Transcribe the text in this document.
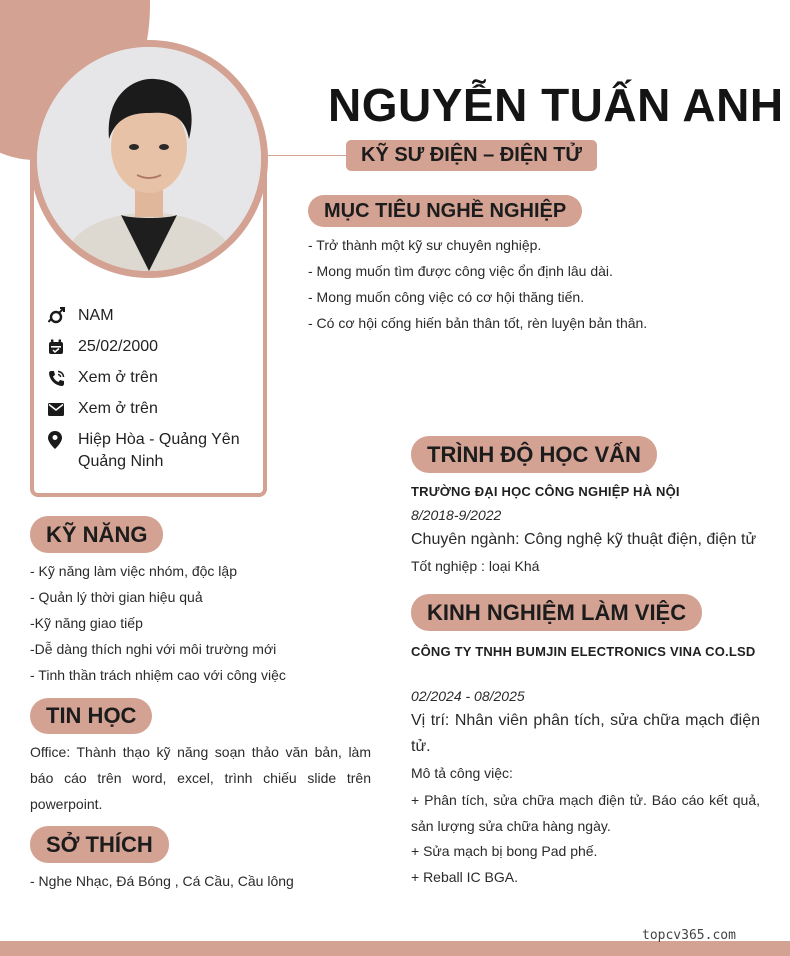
NAM
25/02/2000
Xem ở trên
Xem ở trên
Hiệp Hòa - Quảng Yên
Quảng Ninh
NGUYỄN TUẤN ANH
KỸ SƯ ĐIỆN – ĐIỆN TỬ
MỤC TIÊU NGHỀ NGHIỆP
- Trở thành một kỹ sư chuyên nghiệp.
- Mong muốn tìm được công việc ổn định lâu dài.
- Mong muốn công việc có cơ hội thăng tiến.
- Có cơ hội cống hiến bản thân tốt, rèn luyện bản thân.
KỸ NĂNG
- Kỹ năng làm việc nhóm, độc lập
- Quản lý thời gian hiệu quả
-Kỹ năng giao tiếp
-Dễ dàng thích nghi với môi trường mới
- Tinh thần trách nhiệm cao với công việc
TIN HỌC
Office: Thành thạo kỹ năng soạn thảo văn bản, làm báo cáo trên word, excel, trình chiếu slide trên powerpoint.
SỞ THÍCH
- Nghe Nhạc, Đá Bóng , Cá Cầu, Cầu lông
TRÌNH ĐỘ HỌC VẤN
TRƯỜNG ĐẠI HỌC CÔNG NGHIỆP HÀ NỘI
8/2018-9/2022
Chuyên ngành: Công nghệ kỹ thuật điện, điện tử
Tốt nghiệp : loại Khá
KINH NGHIỆM LÀM VIỆC
CÔNG TY TNHH BUMJIN ELECTRONICS VINA CO.LSD
02/2024 - 08/2025
Vị trí: Nhân viên phân tích, sửa chữa mạch điện tử.
Mô tả công việc:
+ Phân tích, sửa chữa mạch điện tử. Báo cáo kết quả, sản lượng sửa chữa hàng ngày.
+ Sửa mạch bị bong Pad phế.
+ Reball IC BGA.
topcv365.com
